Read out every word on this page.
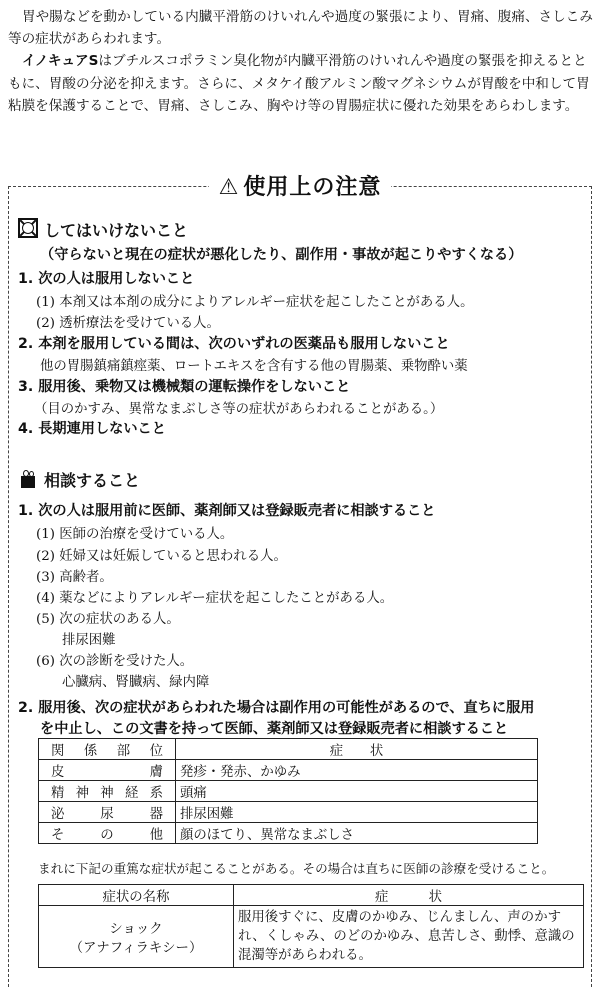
胃や腸などを動かしている内臓平滑筋のけいれんや過度の緊張により、胃痛、腹痛、さしこみ等の症状があらわれます。

イノキュアSはブチルスコポラミン臭化物が内臓平滑筋のけいれんや過度の緊張を抑えるとともに、胃酸の分泌を抑えます。さらに、メタケイ酸アルミン酸マグネシウムが胃酸を中和して胃粘膜を保護することで、胃痛、さしこみ、胸やけ等の胃腸症状に優れた効果をあらわします。

⚠ 使用上の注意
してはいけないこと
（守らないと現在の症状が悪化したり、副作用・事故が起こりやすくなる）
1. 次の人は服用しないこと
(1) 本剤又は本剤の成分によりアレルギー症状を起こしたことがある人。
(2) 透析療法を受けている人。
2. 本剤を服用している間は、次のいずれの医薬品も服用しないこと
他の胃腸鎮痛鎮痙薬、ロートエキスを含有する他の胃腸薬、乗物酔い薬
3. 服用後、乗物又は機械類の運転操作をしないこと
（目のかすみ、異常なまぶしさ等の症状があらわれることがある。）
4. 長期連用しないこと
相談すること
1. 次の人は服用前に医師、薬剤師又は登録販売者に相談すること
(1) 医師の治療を受けている人。
(2) 妊婦又は妊娠していると思われる人。
(3) 高齢者。
(4) 薬などによりアレルギー症状を起こしたことがある人。
(5) 次の症状のある人。
排尿困難
(6) 次の診断を受けた人。
心臓病、腎臓病、緑内障
2. 服用後、次の症状があらわれた場合は副作用の可能性があるので、直ちに服用
を中止し、この文書を持って医師、薬剤師又は登録販売者に相談すること
関係部位	症　　状
皮膚	発疹・発赤、かゆみ
精神神経系	頭痛
泌尿器	排尿困難
その他	顔のほてり、異常なまぶしさ
まれに下記の重篤な症状が起こることがある。その場合は直ちに医師の診療を受けること。
症状の名称	症　　　状

ショック
（アナフィラキシー）	服用後すぐに、皮膚のかゆみ、じんましん、声のかすれ、くしゃみ、のどのかゆみ、息苦しさ、動悸、意識の混濁等があらわれる。
